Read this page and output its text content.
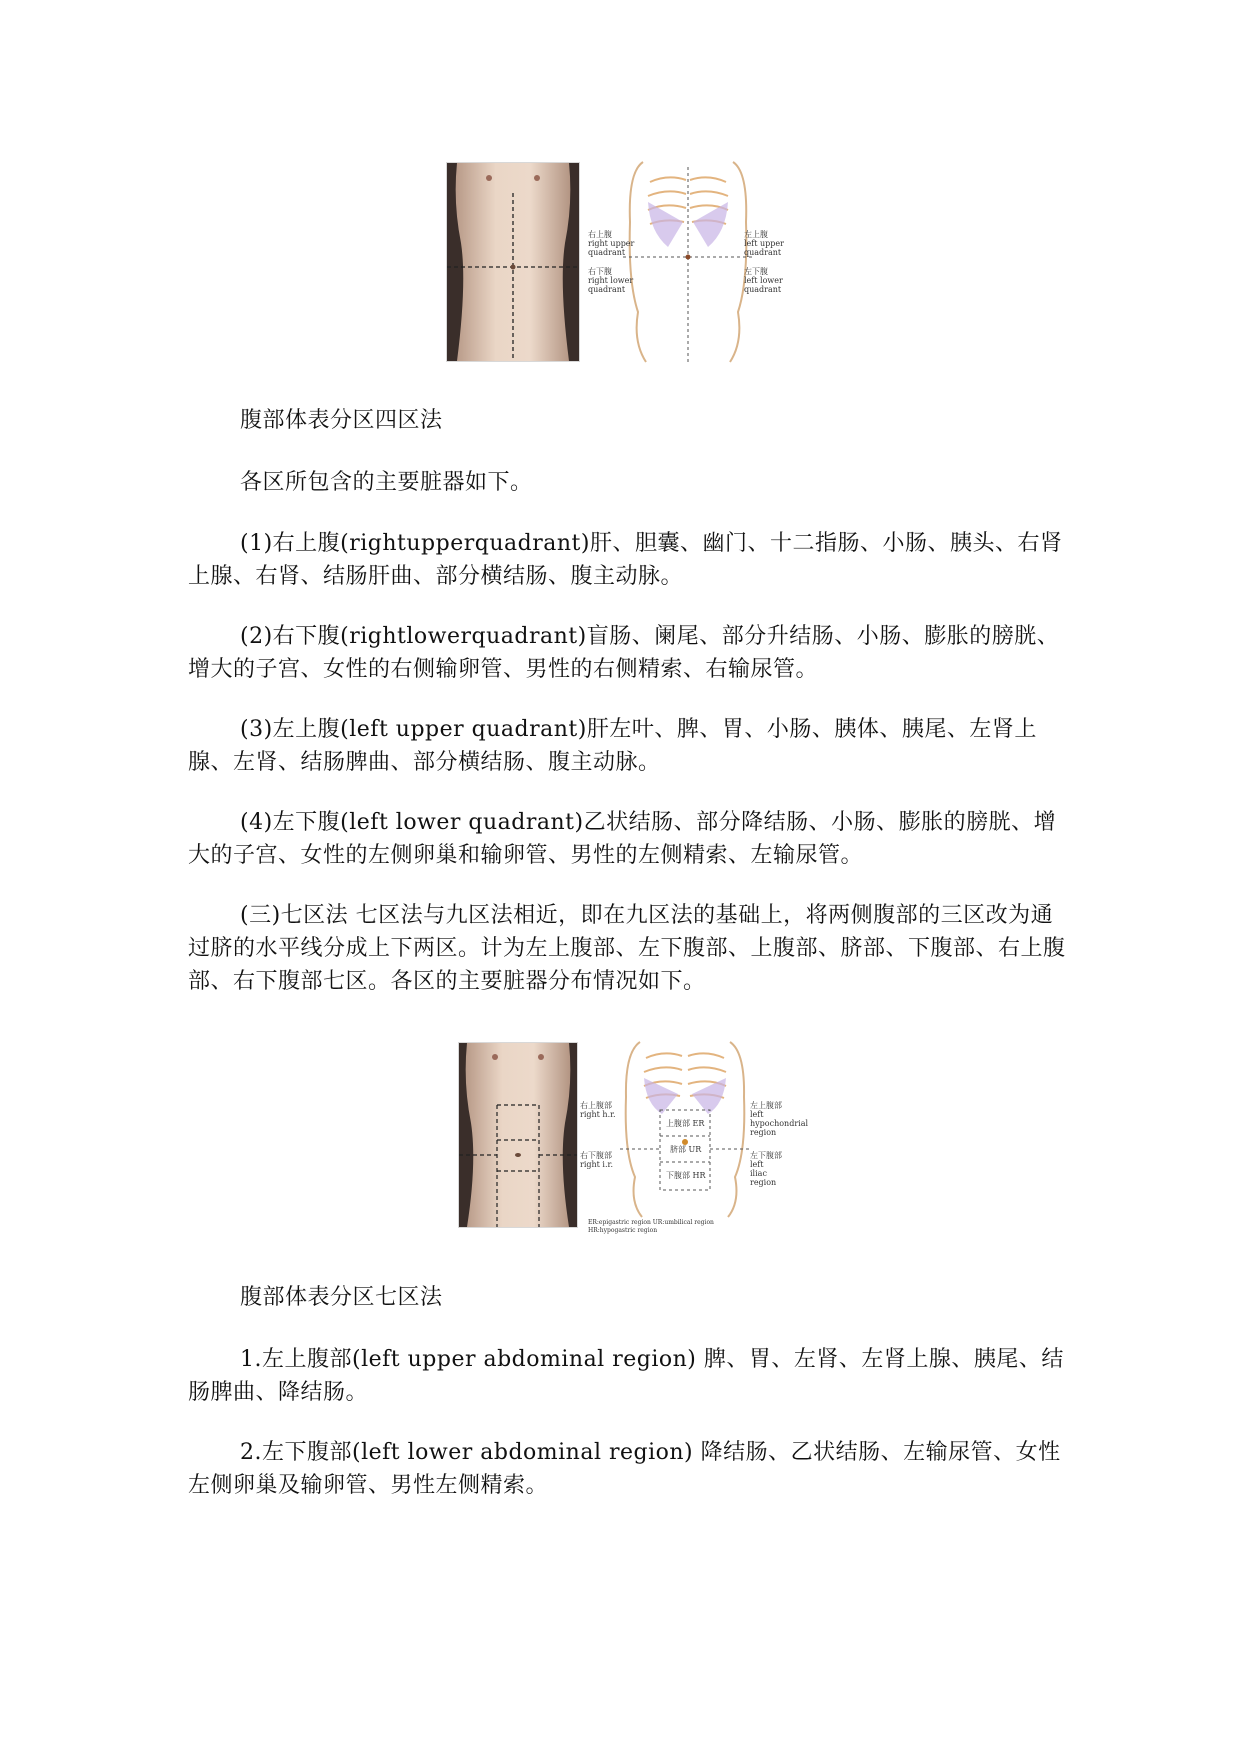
右上腹
right upper
quadrant
右下腹
right lower
quadrant
左上腹
left upper
quadrant
左下腹
left lower
quadrant

腹部体表分区四区法

各区所包含的主要脏器如下。

(1)右上腹(rightupperquadrant)肝、胆囊、幽门、十二指肠、小肠、胰头、右肾上腺、右肾、结肠肝曲、部分横结肠、腹主动脉。

(2)右下腹(rightlowerquadrant)盲肠、阑尾、部分升结肠、小肠、膨胀的膀胱、增大的子宫、女性的右侧输卵管、男性的右侧精索、右输尿管。

(3)左上腹(left upper quadrant)肝左叶、脾、胃、小肠、胰体、胰尾、左肾上腺、左肾、结肠脾曲、部分横结肠、腹主动脉。

(4)左下腹(left lower quadrant)乙状结肠、部分降结肠、小肠、膨胀的膀胱、增大的子宫、女性的左侧卵巢和输卵管、男性的左侧精索、左输尿管。

(三)七区法 七区法与九区法相近，即在九区法的基础上，将两侧腹部的三区改为通过脐的水平线分成上下两区。计为左上腹部、左下腹部、上腹部、脐部、下腹部、右上腹部、右下腹部七区。各区的主要脏器分布情况如下。

右上腹部
right h.r.
右下腹部
right i.r.
左上腹部
left
hypochondrial
region
左下腹部
left
iliac
region
上腹部 ER
脐部 UR
下腹部 HR
ER:epigastric region UR:umbilical region
HR:hypogastric region

腹部体表分区七区法

1.左上腹部(left upper abdominal region) 脾、胃、左肾、左肾上腺、胰尾、结肠脾曲、降结肠。

2.左下腹部(left lower abdominal region) 降结肠、乙状结肠、左输尿管、女性左侧卵巢及输卵管、男性左侧精索。
